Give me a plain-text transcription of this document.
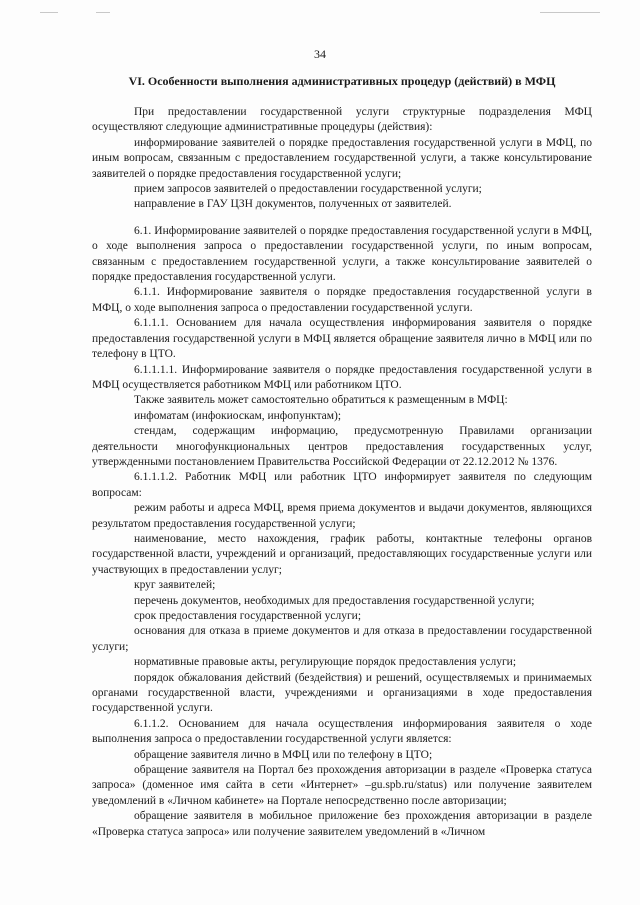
34
VI. Особенности выполнения административных процедур (действий) в МФЦ

При предоставлении государственной услуги структурные подразделения МФЦ осуществляют следующие административные процедуры (действия):

информирование заявителей о порядке предоставления государственной услуги в МФЦ, по иным вопросам, связанным с предоставлением государственной услуги, а также консультирование заявителей о порядке предоставления государственной услуги;

прием запросов заявителей о предоставлении государственной услуги;

направление в ГАУ ЦЗН документов, полученных от заявителей.

6.1. Информирование заявителей о порядке предоставления государственной услуги в МФЦ, о ходе выполнения запроса о предоставлении государственной услуги, по иным вопросам, связанным с предоставлением государственной услуги, а также консультирование заявителей о порядке предоставления государственной услуги.

6.1.1. Информирование заявителя о порядке предоставления государственной услуги в МФЦ, о ходе выполнения запроса о предоставлении государственной услуги.

6.1.1.1. Основанием для начала осуществления информирования заявителя о порядке предоставления государственной услуги в МФЦ является обращение заявителя лично в МФЦ или по телефону в ЦТО.

6.1.1.1.1. Информирование заявителя о порядке предоставления государственной услуги в МФЦ осуществляется работником МФЦ или работником ЦТО.

Также заявитель может самостоятельно обратиться к размещенным в МФЦ:

инфоматам (инфокиоскам, инфопунктам);

стендам, содержащим информацию, предусмотренную Правилами организации деятельности многофункциональных центров предоставления государственных услуг, утвержденными постановлением Правительства Российской Федерации от 22.12.2012 № 1376.

6.1.1.1.2. Работник МФЦ или работник ЦТО информирует заявителя по следующим вопросам:

режим работы и адреса МФЦ, время приема документов и выдачи документов, являющихся результатом предоставления государственной услуги;

наименование, место нахождения, график работы, контактные телефоны органов государственной власти, учреждений и организаций, предоставляющих государственные услуги или участвующих в предоставлении услуг;

круг заявителей;

перечень документов, необходимых для предоставления государственной услуги;

срок предоставления государственной услуги;

основания для отказа в приеме документов и для отказа в предоставлении государственной услуги;

нормативные правовые акты, регулирующие порядок предоставления услуги;

порядок обжалования действий (бездействия) и решений, осуществляемых и принимаемых органами государственной власти, учреждениями и организациями в ходе предоставления государственной услуги.

6.1.1.2. Основанием для начала осуществления информирования заявителя о ходе выполнения запроса о предоставлении государственной услуги является:

обращение заявителя лично в МФЦ или по телефону в ЦТО;

обращение заявителя на Портал без прохождения авторизации в разделе «Проверка статуса запроса» (доменное имя сайта в сети «Интернет» –gu.spb.ru/status) или получение заявителем уведомлений в «Личном кабинете» на Портале непосредственно после авторизации;

обращение заявителя в мобильное приложение без прохождения авторизации в разделе «Проверка статуса запроса» или получение заявителем уведомлений в «Личном
